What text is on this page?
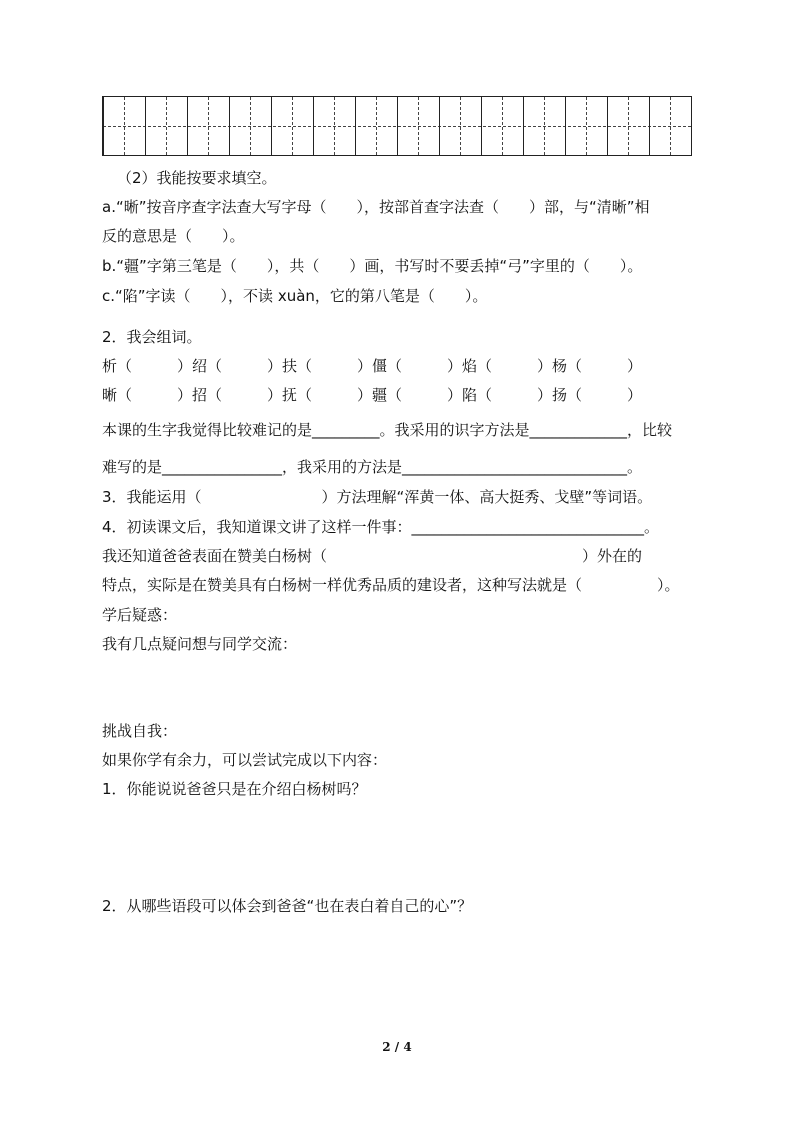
（2）我能按要求填空。
a.“晰”按音序查字法查大写字母（　　），按部首查字法查（　　）部，与“清晰”相
反的意思是（　　）。
b.“疆”字第三笔是（　　），共（　　）画，书写时不要丢掉“弓”字里的（　　）。
c.“陷”字读（　　），不读 xuàn，它的第八笔是（　　）。
2．我会组词。
析（　　　）绍（　　　）扶（　　　）僵（　　　）焰（　　　）杨（　　　）
晰（　　　）招（　　　）抚（　　　）疆（　　　）陷（　　　）扬（　　　）
本课的生字我觉得比较难记的是_________。我采用的识字方法是_____________，比较
难写的是________________，我采用的方法是______________________________。
3．我能运用（　　　　　　　　）方法理解“浑黄一体、高大挺秀、戈壁”等词语。
4．初读课文后，我知道课文讲了这样一件事：_______________________________。
我还知道爸爸表面在赞美白杨树（　　　　　　　　　　　　　　　　　）外在的
特点，实际是在赞美具有白杨树一样优秀品质的建设者，这种写法就是（　　　　　）。
学后疑惑：
我有几点疑问想与同学交流：
挑战自我：
如果你学有余力，可以尝试完成以下内容：
1．你能说说爸爸只是在介绍白杨树吗？
2．从哪些语段可以体会到爸爸“也在表白着自己的心”？
2 / 4
